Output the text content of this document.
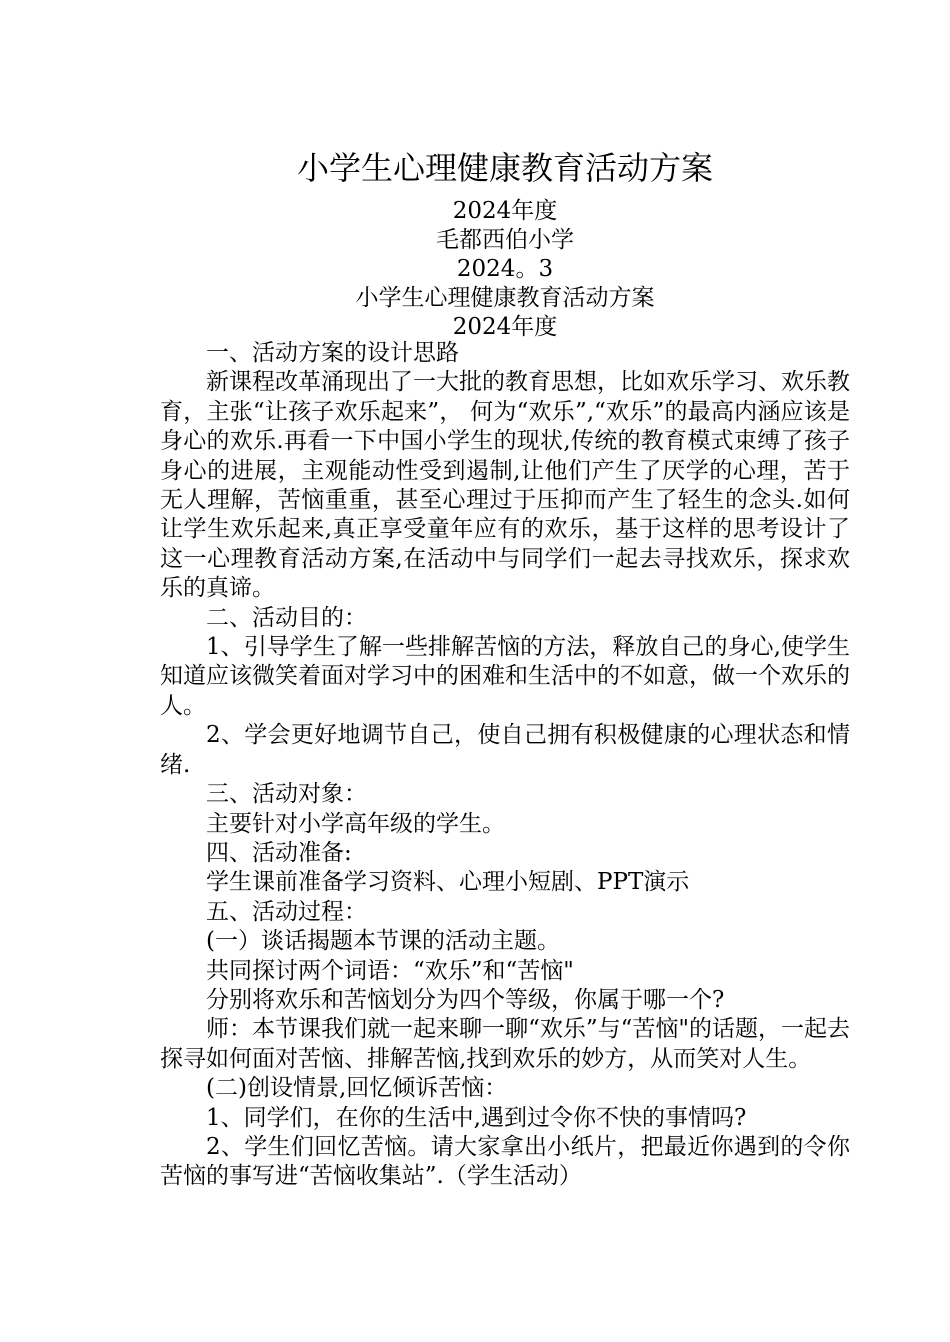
小学生心理健康教育活动方案
2024年度
毛都西伯小学
2024。3
小学生心理健康教育活动方案
2024年度

一、活动方案的设计思路

新课程改革涌现出了一大批的教育思想，比如欢乐学习、欢乐教育，主张“让孩子欢乐起来”， 何为“欢乐”,“欢乐”的最高内涵应该是身心的欢乐.再看一下中国小学生的现状,传统的教育模式束缚了孩子身心的进展，主观能动性受到遏制,让他们产生了厌学的心理，苦于无人理解，苦恼重重，甚至心理过于压抑而产生了轻生的念头.如何让学生欢乐起来,真正享受童年应有的欢乐，基于这样的思考设计了这一心理教育活动方案,在活动中与同学们一起去寻找欢乐，探求欢乐的真谛。

二、活动目的：

1、引导学生了解一些排解苦恼的方法，释放自己的身心,使学生知道应该微笑着面对学习中的困难和生活中的不如意，做一个欢乐的人。

2、学会更好地调节自己，使自己拥有积极健康的心理状态和情绪.

三、活动对象：

主要针对小学高年级的学生。

四、活动准备:

学生课前准备学习资料、心理小短剧、PPT演示

五、活动过程：

(一）谈话揭题本节课的活动主题。

共同探讨两个词语：“欢乐”和“苦恼"

分别将欢乐和苦恼划分为四个等级，你属于哪一个?

师：本节课我们就一起来聊一聊“欢乐”与“苦恼"的话题，一起去探寻如何面对苦恼、排解苦恼,找到欢乐的妙方，从而笑对人生。

(二)创设情景,回忆倾诉苦恼：

1、同学们，在你的生活中,遇到过令你不快的事情吗?

2、学生们回忆苦恼。请大家拿出小纸片，把最近你遇到的令你苦恼的事写进“苦恼收集站”.（学生活动）
